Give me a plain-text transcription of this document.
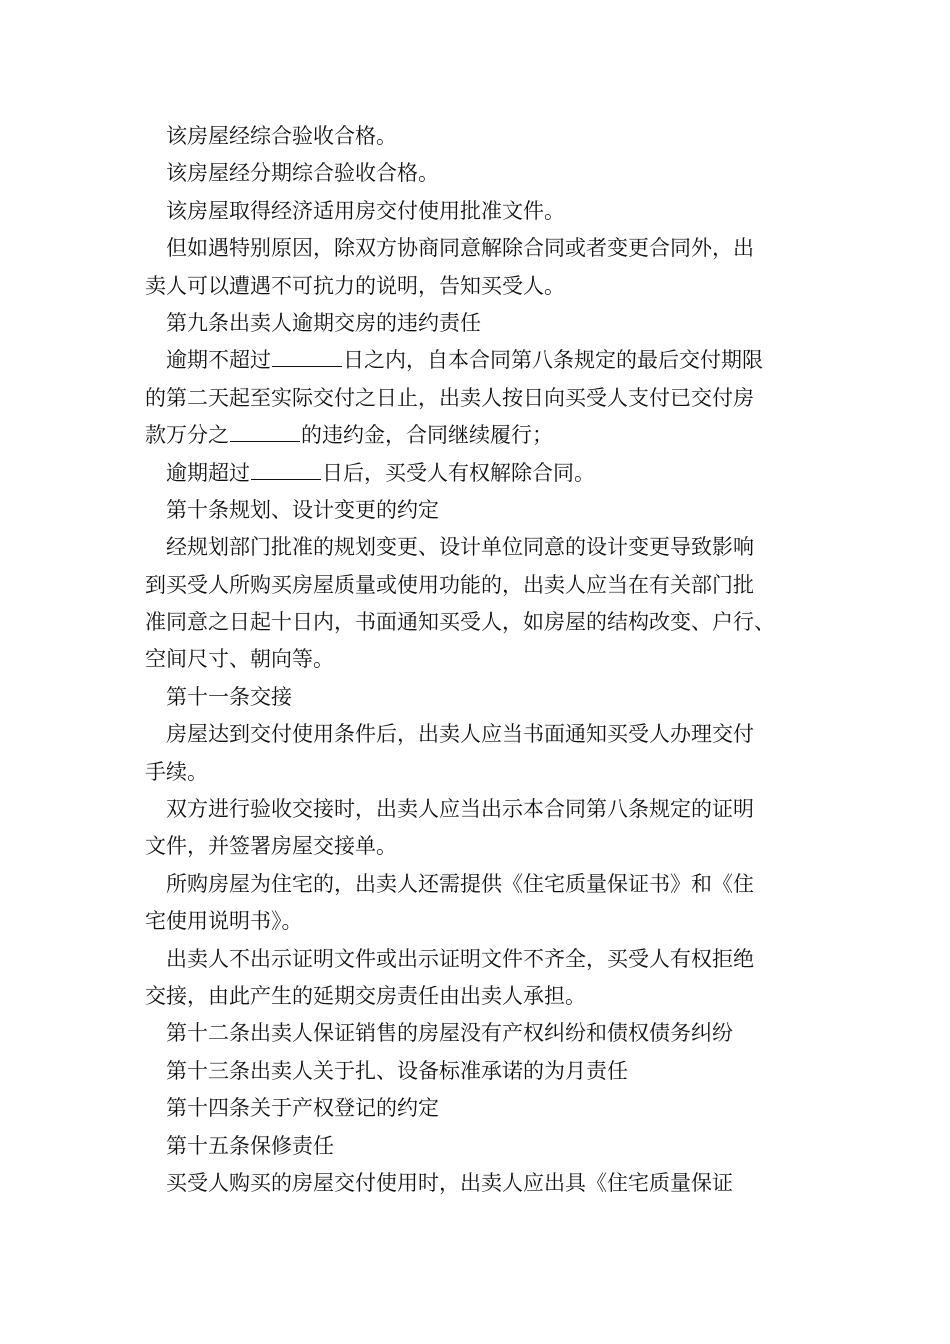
　该房屋经综合验收合格。
　该房屋经分期综合验收合格。
　该房屋取得经济适用房交付使用批准文件。
　但如遇特别原因，除双方协商同意解除合同或者变更合同外，出
卖人可以遭遇不可抗力的说明，告知买受人。
　第九条出卖人逾期交房的违约责任
　逾期不超过	日之内，自本合同第八条规定的最后交付期限
的第二天起至实际交付之日止，出卖人按日向买受人支付已交付房
款万分之	的违约金，合同继续履行；
　逾期超过	日后，买受人有权解除合同。
　第十条规划、设计变更的约定
　经规划部门批准的规划变更、设计单位同意的设计变更导致影响
到买受人所购买房屋质量或使用功能的，出卖人应当在有关部门批
准同意之日起十日内，书面通知买受人，如房屋的结构改变、户行、
空间尺寸、朝向等。
　第十一条交接
　房屋达到交付使用条件后，出卖人应当书面通知买受人办理交付
手续。
　双方进行验收交接时，出卖人应当出示本合同第八条规定的证明
文件，并签署房屋交接单。
　所购房屋为住宅的，出卖人还需提供《住宅质量保证书》和《住
宅使用说明书》。
　出卖人不出示证明文件或出示证明文件不齐全，买受人有权拒绝
交接，由此产生的延期交房责任由出卖人承担。
　第十二条出卖人保证销售的房屋没有产权纠纷和债权债务纠纷
　第十三条出卖人关于扎、设备标准承诺的为月责任
　第十四条关于产权登记的约定
　第十五条保修责任
　买受人购买的房屋交付使用时，出卖人应出具《住宅质量保证
